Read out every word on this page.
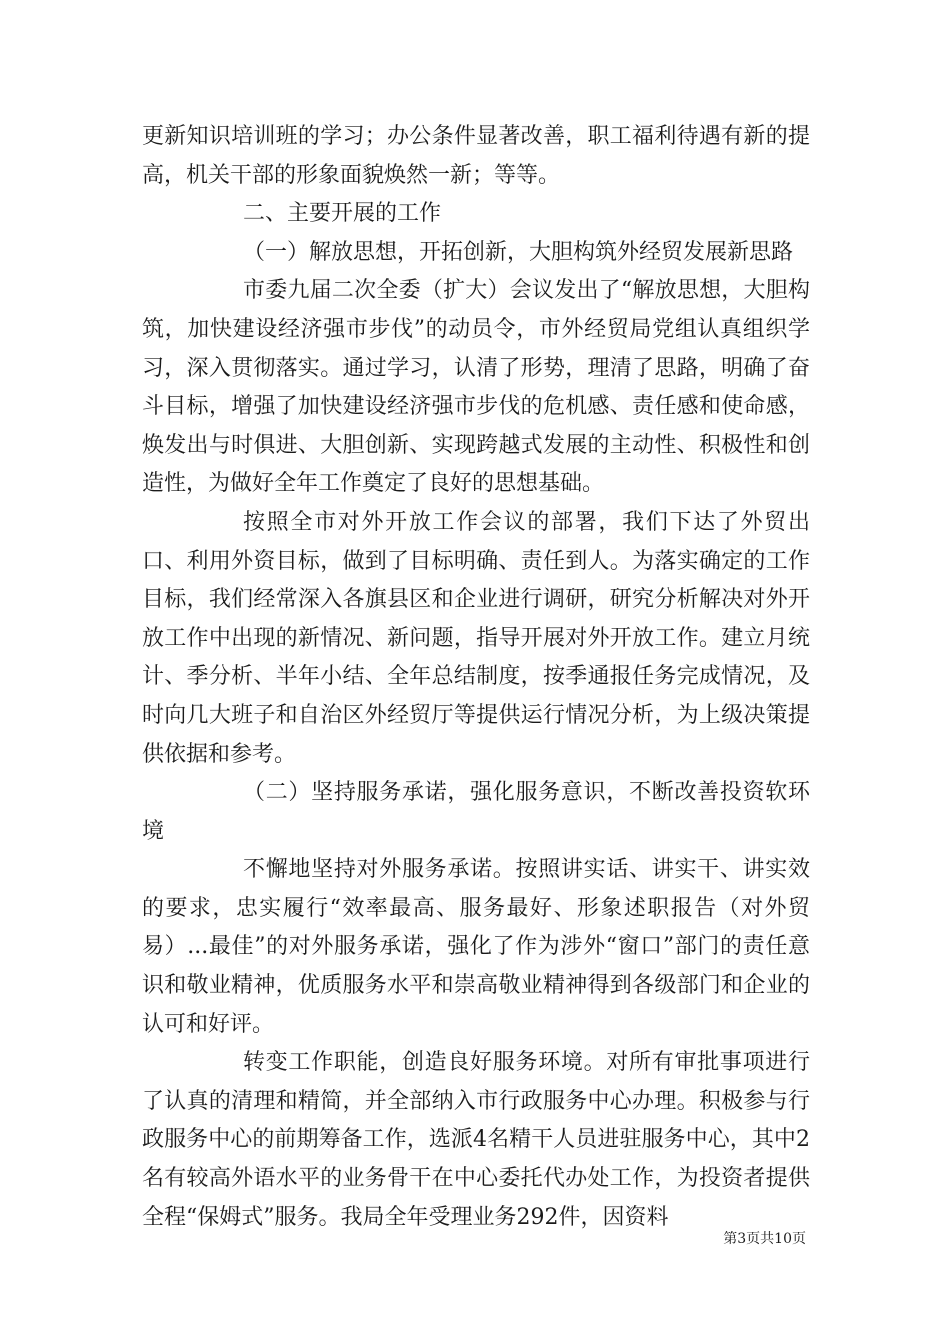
更新知识培训班的学习；办公条件显著改善，职工福利待遇有新的提高，机关干部的形象面貌焕然一新；等等。

二、主要开展的工作

（一）解放思想，开拓创新，大胆构筑外经贸发展新思路

市委九届二次全委（扩大）会议发出了“解放思想，大胆构筑，加快建设经济强市步伐”的动员令，市外经贸局党组认真组织学习，深入贯彻落实。通过学习，认清了形势，理清了思路，明确了奋斗目标，增强了加快建设经济强市步伐的危机感、责任感和使命感，焕发出与时俱进、大胆创新、实现跨越式发展的主动性、积极性和创造性，为做好全年工作奠定了良好的思想基础。

按照全市对外开放工作会议的部署，我们下达了外贸出口、利用外资目标，做到了目标明确、责任到人。为落实确定的工作目标，我们经常深入各旗县区和企业进行调研，研究分析解决对外开放工作中出现的新情况、新问题，指导开展对外开放工作。建立月统计、季分析、半年小结、全年总结制度，按季通报任务完成情况，及时向几大班子和自治区外经贸厅等提供运行情况分析，为上级决策提供依据和参考。

（二）坚持服务承诺，强化服务意识，不断改善投资软环境

不懈地坚持对外服务承诺。按照讲实话、讲实干、讲实效的要求，忠实履行“效率最高、服务最好、形象述职报告（对外贸易）...最佳”的对外服务承诺，强化了作为涉外“窗口”部门的责任意识和敬业精神，优质服务水平和崇高敬业精神得到各级部门和企业的认可和好评。

转变工作职能，创造良好服务环境。对所有审批事项进行了认真的清理和精简，并全部纳入市行政服务中心办理。积极参与行政服务中心的前期筹备工作，选派4名精干人员进驻服务中心，其中2名有较高外语水平的业务骨干在中心委托代办处工作，为投资者提供全程“保姆式”服务。我局全年受理业务292件，因资料

第3页共10页
